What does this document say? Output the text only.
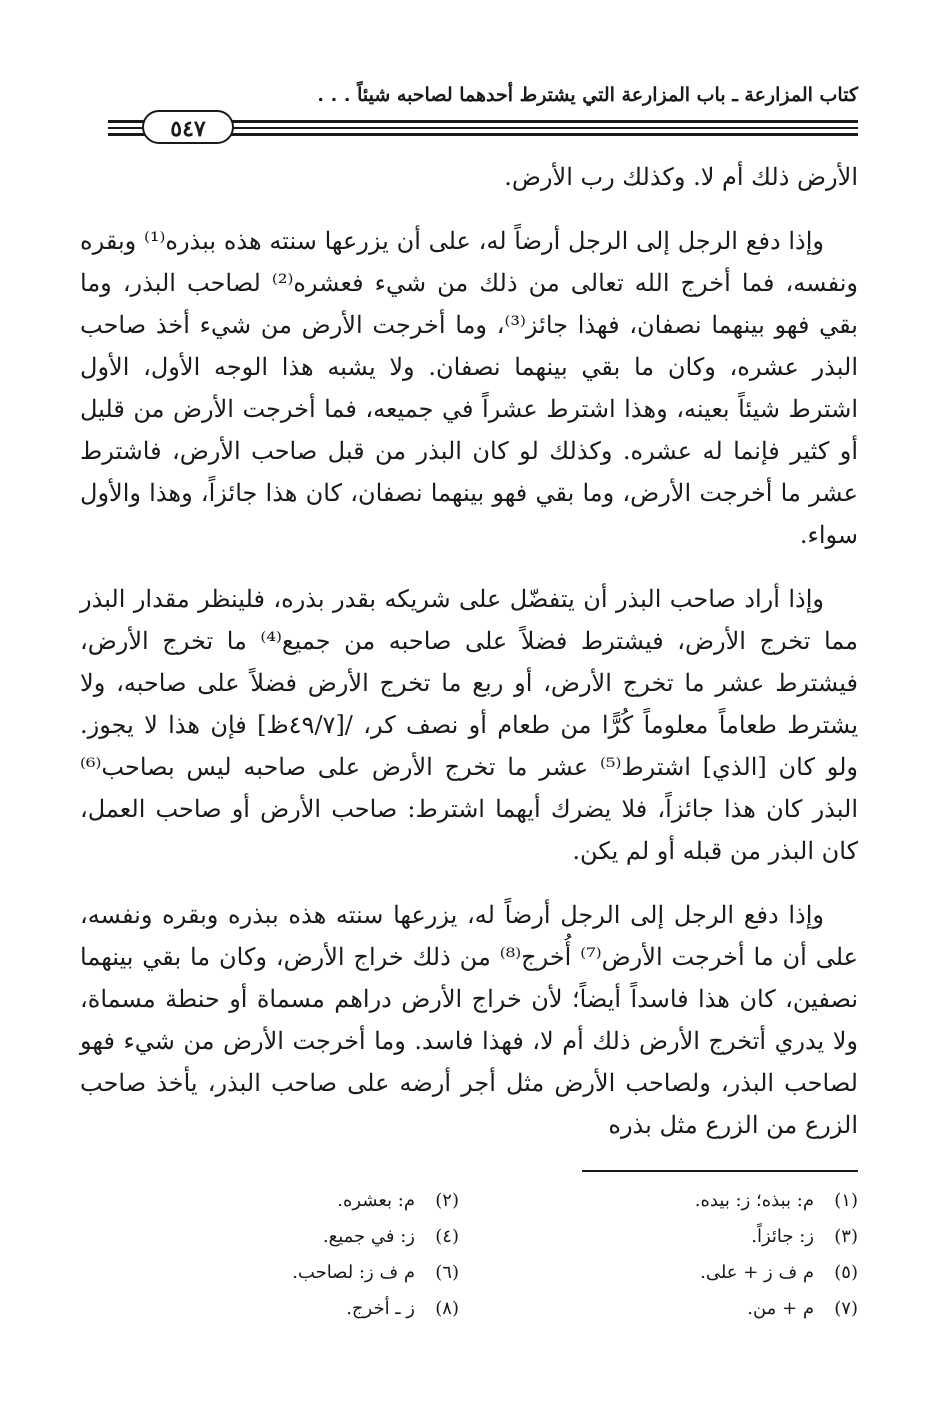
كتاب المزارعة ـ باب المزارعة التي يشترط أحدهما لصاحبه شيئاً . . .
٥٤٧

الأرض ذلك أم لا. وكذلك رب الأرض.

وإذا دفع الرجل إلى الرجل أرضاً له، على أن يزرعها سنته هذه ببذره⁽¹⁾ وبقره ونفسه، فما أخرج الله تعالى من ذلك من شيء فعشره⁽²⁾ لصاحب البذر، وما بقي فهو بينهما نصفان، فهذا جائز⁽³⁾، وما أخرجت الأرض من شيء أخذ صاحب البذر عشره، وكان ما بقي بينهما نصفان. ولا يشبه هذا الوجه الأول، الأول اشترط شيئاً بعينه، وهذا اشترط عشراً في جميعه، فما أخرجت الأرض من قليل أو كثير فإنما له عشره. وكذلك لو كان البذر من قبل صاحب الأرض، فاشترط عشر ما أخرجت الأرض، وما بقي فهو بينهما نصفان، كان هذا جائزاً، وهذا والأول سواء.

وإذا أراد صاحب البذر أن يتفضّل على شريكه بقدر بذره، فلينظر مقدار البذر مما تخرج الأرض، فيشترط فضلاً على صاحبه من جميع⁽⁴⁾ ما تخرج الأرض، فيشترط عشر ما تخرج الأرض، أو ربع ما تخرج الأرض فضلاً على صاحبه، ولا يشترط طعاماً معلوماً كُرًّا من طعام أو نصف كر، /[٤٩/٧ظ] فإن هذا لا يجوز. ولو كان [الذي] اشترط⁽⁵⁾ عشر ما تخرج الأرض على صاحبه ليس بصاحب⁽⁶⁾ البذر كان هذا جائزاً، فلا يضرك أيهما اشترط: صاحب الأرض أو صاحب العمل، كان البذر من قبله أو لم يكن.

وإذا دفع الرجل إلى الرجل أرضاً له، يزرعها سنته هذه ببذره وبقره ونفسه، على أن ما أخرجت الأرض⁽⁷⁾ أُخرج⁽⁸⁾ من ذلك خراج الأرض، وكان ما بقي بينهما نصفين، كان هذا فاسداً أيضاً؛ لأن خراج الأرض دراهم مسماة أو حنطة مسماة، ولا يدري أتخرج الأرض ذلك أم لا، فهذا فاسد. وما أخرجت الأرض من شيء فهو لصاحب البذر، ولصاحب الأرض مثل أجر أرضه على صاحب البذر، يأخذ صاحب الزرع من الزرع مثل بذره

(١)م: ببذه؛ ز: بيده.
(٢)م: بعشره.
(٣)ز: جائزاً.
(٤)ز: في جميع.
(٥)م ف ز + على.
(٦)م ف ز: لصاحب.
(٧)م + من.
(٨)ز ـ أخرج.
